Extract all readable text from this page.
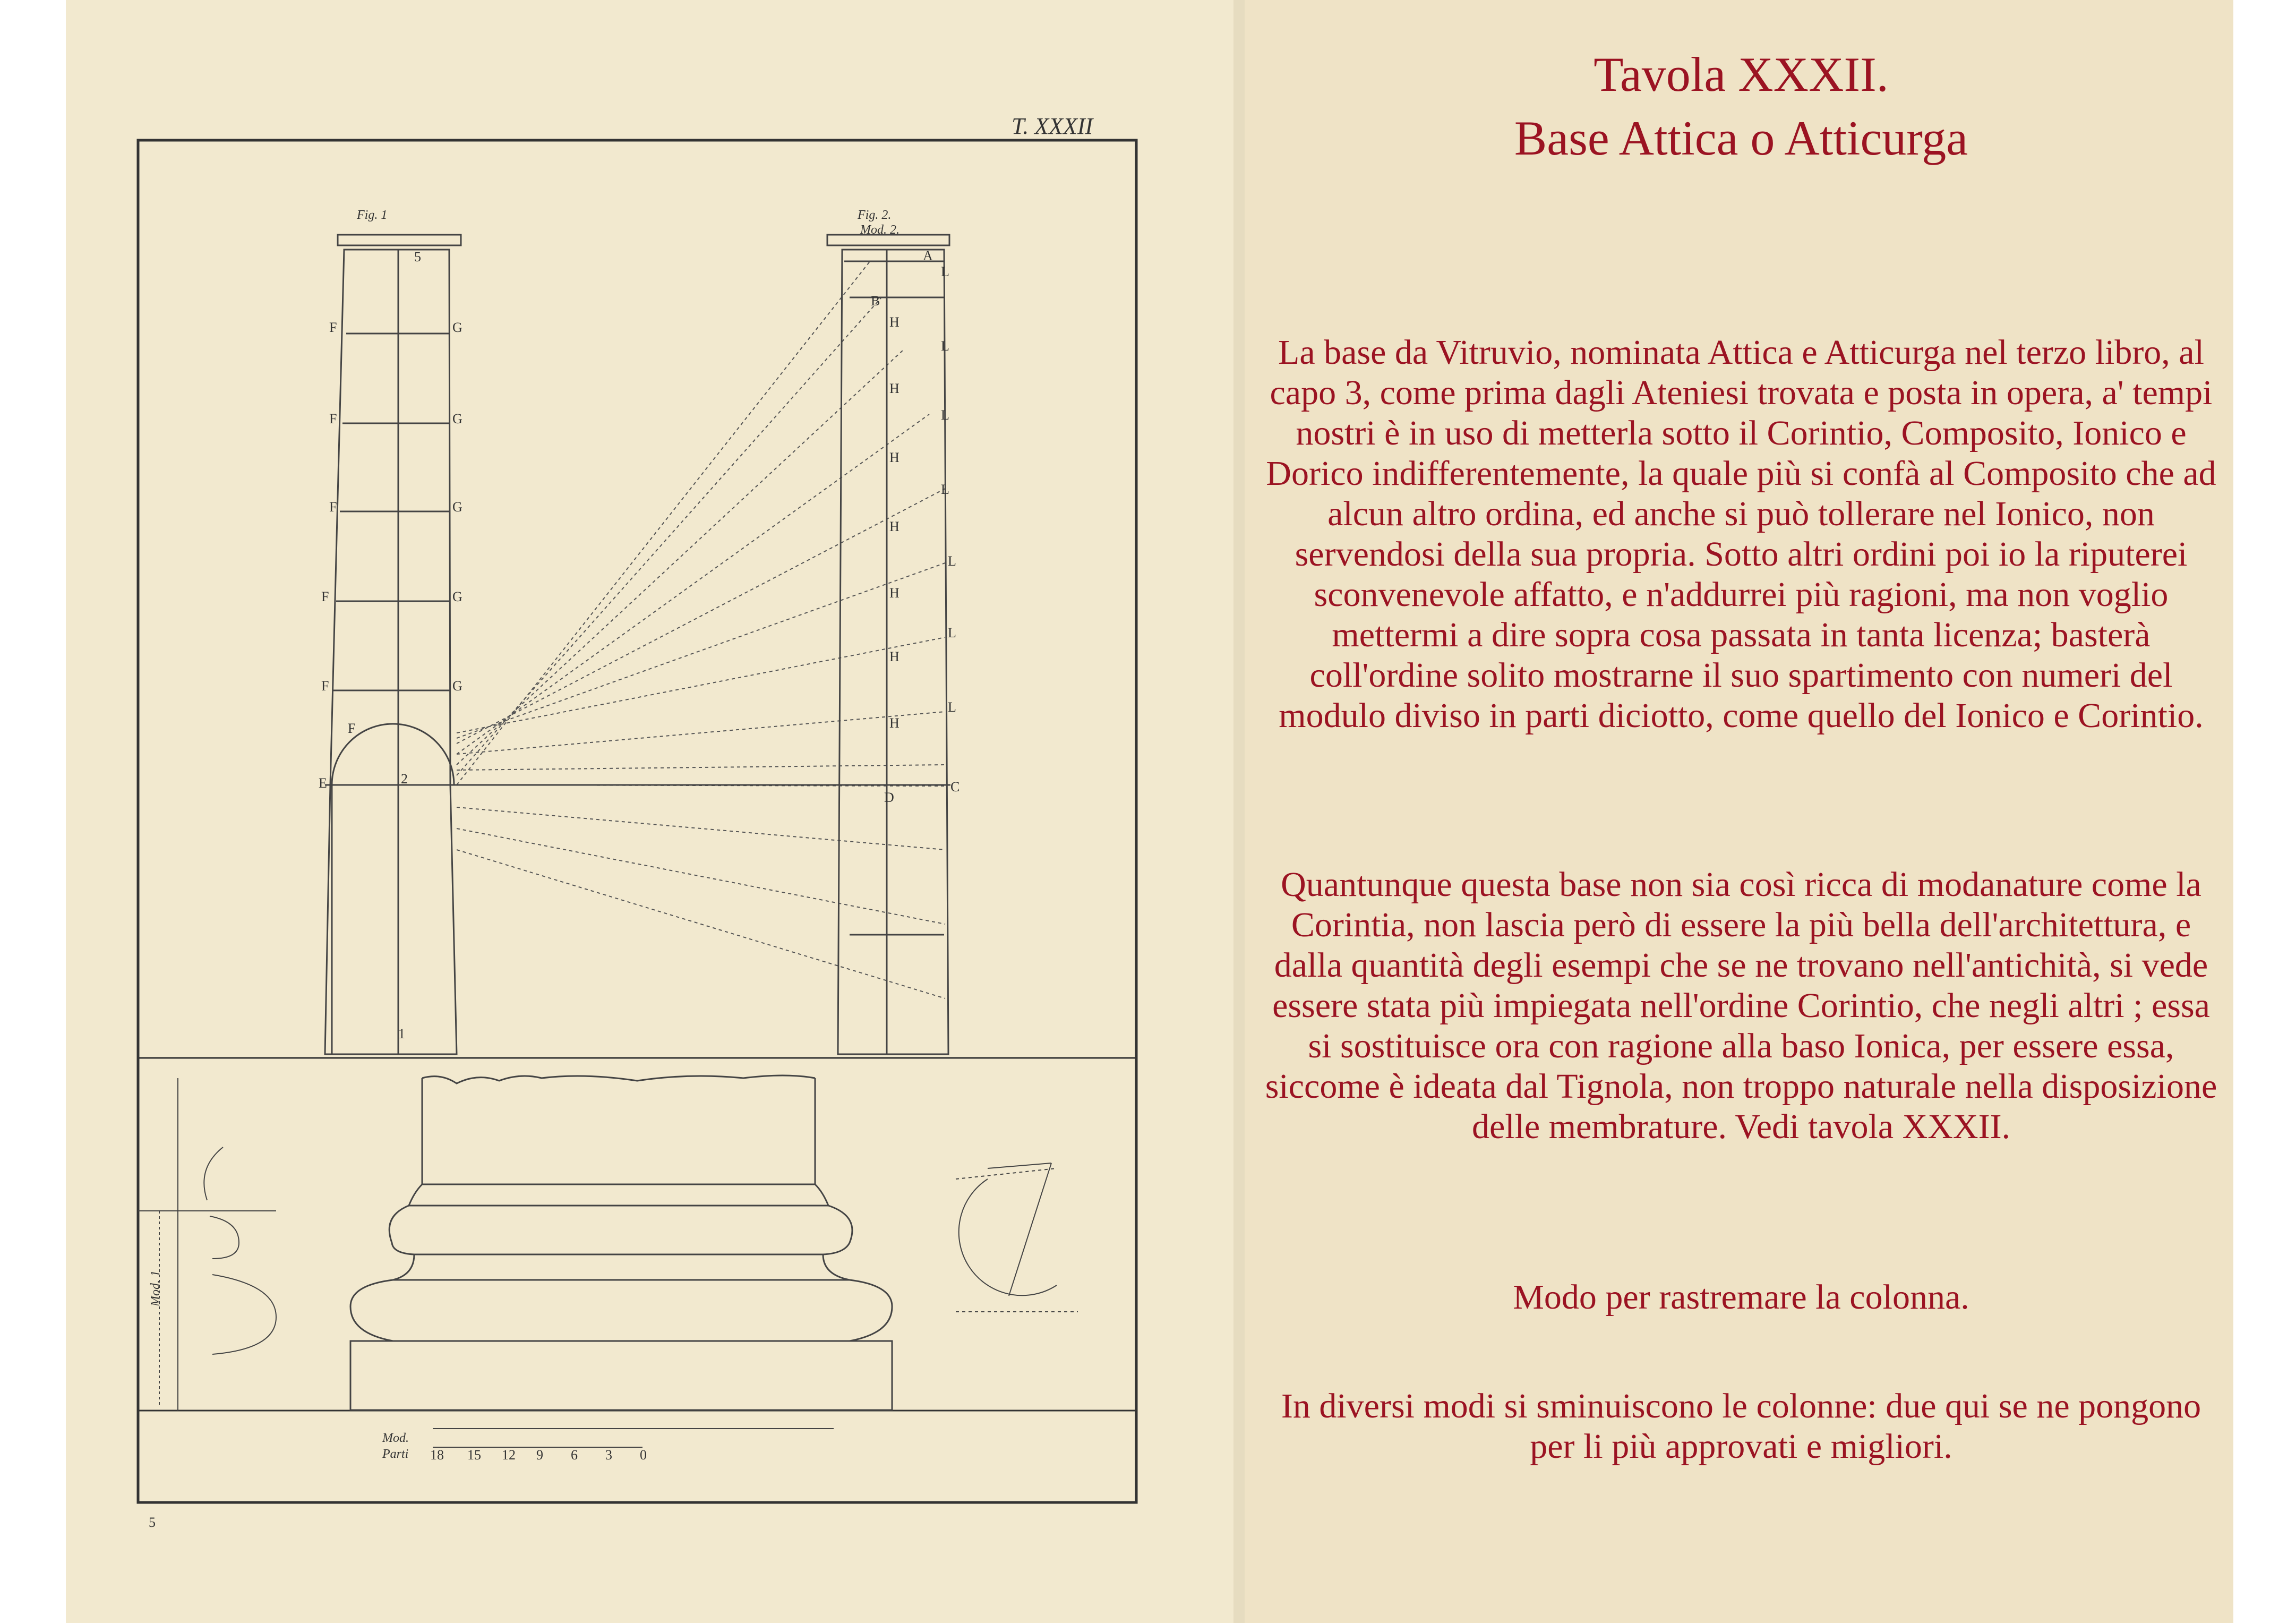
T. XXXII
Fig. 1
E
F
F
F
F
F
F
G
G
G
G
G
5
1
2
Fig. 2.
Mod. 2.
A
B
C
D
L
L
L
L
L
L
L
H
H
H
H
H
H
H
Mod. 1
Mod.
Parti 18 15 12 9 6 3 0
5
Tavola XXXII.
Base Attica o Atticurga
La base da Vitruvio, nominata Attica e Atticurga nel terzo libro, al capo 3, come prima dagli Ateniesi trovata e posta in opera, a' tempi nostri è in uso di metterla sotto il Corintio, Composito, Ionico e Dorico indifferentemente, la quale più si confà al Composito che ad alcun altro ordina, ed anche si può tollerare nel Ionico, non servendosi della sua propria. Sotto altri ordini poi io la riputerei sconvenevole affatto, e n'addurrei più ragioni, ma non voglio mettermi a dire sopra cosa passata in tanta licenza; basterà coll'ordine solito mostrarne il suo spartimento con numeri del modulo diviso in parti diciotto, come quello del Ionico e Corintio.
Quantunque questa base non sia così ricca di modanature come la Corintia, non lascia però di essere la più bella dell'architettura, e dalla quantità degli esempi che se ne trovano nell'antichità, si vede essere stata più impiegata nell'ordine Corintio, che negli altri ; essa si sostituisce ora con ragione alla baso Ionica, per essere essa, siccome è ideata dal Tignola, non troppo naturale nella disposizione delle membrature. Vedi tavola XXXII.
Modo per rastremare la colonna.
In diversi modi si sminuiscono le colonne: due qui se ne pongono per li più approvati e migliori.
